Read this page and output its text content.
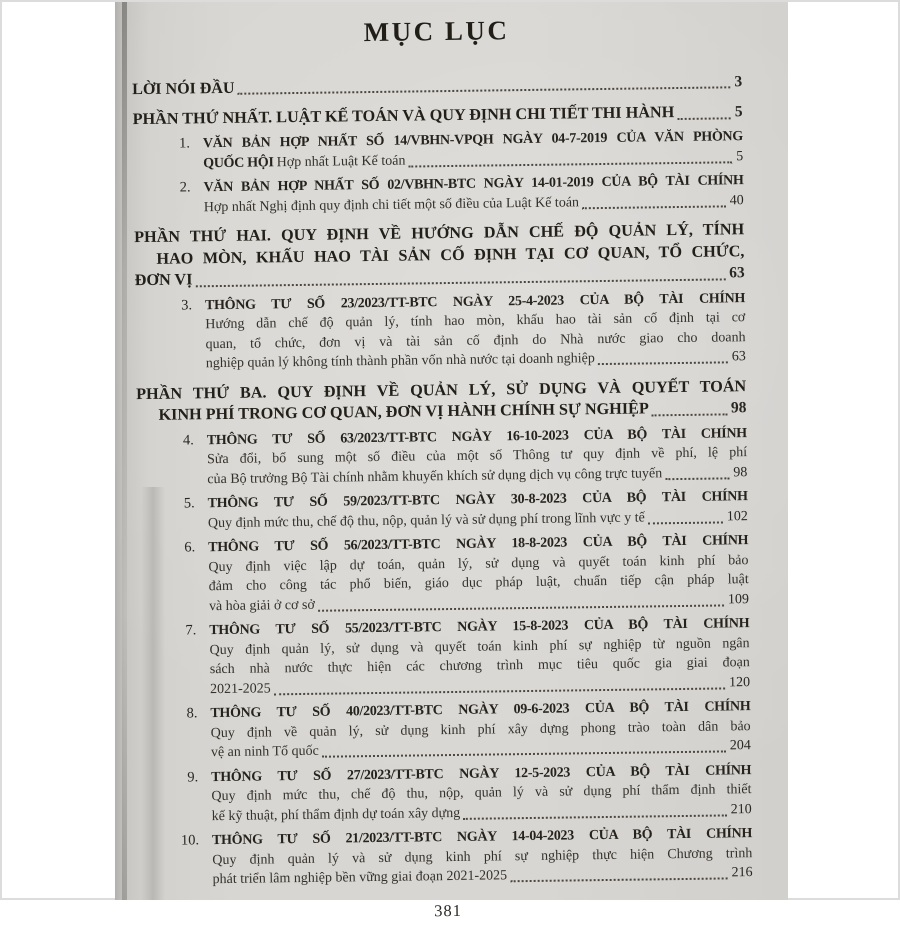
MỤC LỤC
LỜI NÓI ĐẦU	3
PHẦN THỨ NHẤT. LUẬT KẾ TOÁN VÀ QUY ĐỊNH CHI TIẾT THI HÀNH	5
1. VĂN BẢN HỢP NHẤT SỐ 14/VBHN-VPQH NGÀY 04-7-2019 CỦA VĂN PHÒNG
QUỐC HỘI Hợp nhất Luật Kế toán	5
2. VĂN BẢN HỢP NHẤT SỐ 02/VBHN-BTC NGÀY 14-01-2019 CỦA BỘ TÀI CHÍNH
Hợp nhất Nghị định quy định chi tiết một số điều của Luật Kế toán	40
PHẦN THỨ HAI. QUY ĐỊNH VỀ HƯỚNG DẪN CHẾ ĐỘ QUẢN LÝ, TÍNH
HAO MÒN, KHẤU HAO TÀI SẢN CỐ ĐỊNH TẠI CƠ QUAN, TỔ CHỨC,
ĐƠN VỊ	63
3. THÔNG TƯ SỐ 23/2023/TT-BTC NGÀY 25-4-2023 CỦA BỘ TÀI CHÍNH
Hướng dẫn chế độ quản lý, tính hao mòn, khấu hao tài sản cố định tại cơ
quan, tổ chức, đơn vị và tài sản cố định do Nhà nước giao cho doanh
nghiệp quản lý không tính thành phần vốn nhà nước tại doanh nghiệp	63
PHẦN THỨ BA. QUY ĐỊNH VỀ QUẢN LÝ, SỬ DỤNG VÀ QUYẾT TOÁN
KINH PHÍ TRONG CƠ QUAN, ĐƠN VỊ HÀNH CHÍNH SỰ NGHIỆP	98
4. THÔNG TƯ SỐ 63/2023/TT-BTC NGÀY 16-10-2023 CỦA BỘ TÀI CHÍNH
Sửa đổi, bổ sung một số điều của một số Thông tư quy định về phí, lệ phí
của Bộ trưởng Bộ Tài chính nhằm khuyến khích sử dụng dịch vụ công trực tuyến	98
5. THÔNG TƯ SỐ 59/2023/TT-BTC NGÀY 30-8-2023 CỦA BỘ TÀI CHÍNH
Quy định mức thu, chế độ thu, nộp, quản lý và sử dụng phí trong lĩnh vực y tế	102
6. THÔNG TƯ SỐ 56/2023/TT-BTC NGÀY 18-8-2023 CỦA BỘ TÀI CHÍNH
Quy định việc lập dự toán, quản lý, sử dụng và quyết toán kinh phí bảo
đảm cho công tác phổ biến, giáo dục pháp luật, chuẩn tiếp cận pháp luật
và hòa giải ở cơ sở	109
7. THÔNG TƯ SỐ 55/2023/TT-BTC NGÀY 15-8-2023 CỦA BỘ TÀI CHÍNH
Quy định quản lý, sử dụng và quyết toán kinh phí sự nghiệp từ nguồn ngân
sách nhà nước thực hiện các chương trình mục tiêu quốc gia giai đoạn
2021-2025	120
8. THÔNG TƯ SỐ 40/2023/TT-BTC NGÀY 09-6-2023 CỦA BỘ TÀI CHÍNH
Quy định về quản lý, sử dụng kinh phí xây dựng phong trào toàn dân bảo
vệ an ninh Tổ quốc	204
9. THÔNG TƯ SỐ 27/2023/TT-BTC NGÀY 12-5-2023 CỦA BỘ TÀI CHÍNH
Quy định mức thu, chế độ thu, nộp, quản lý và sử dụng phí thẩm định thiết
kế kỹ thuật, phí thẩm định dự toán xây dựng	210
10. THÔNG TƯ SỐ 21/2023/TT-BTC NGÀY 14-04-2023 CỦA BỘ TÀI CHÍNH
Quy định quản lý và sử dụng kinh phí sự nghiệp thực hiện Chương trình
phát triển lâm nghiệp bền vững giai đoạn 2021-2025	216
381
